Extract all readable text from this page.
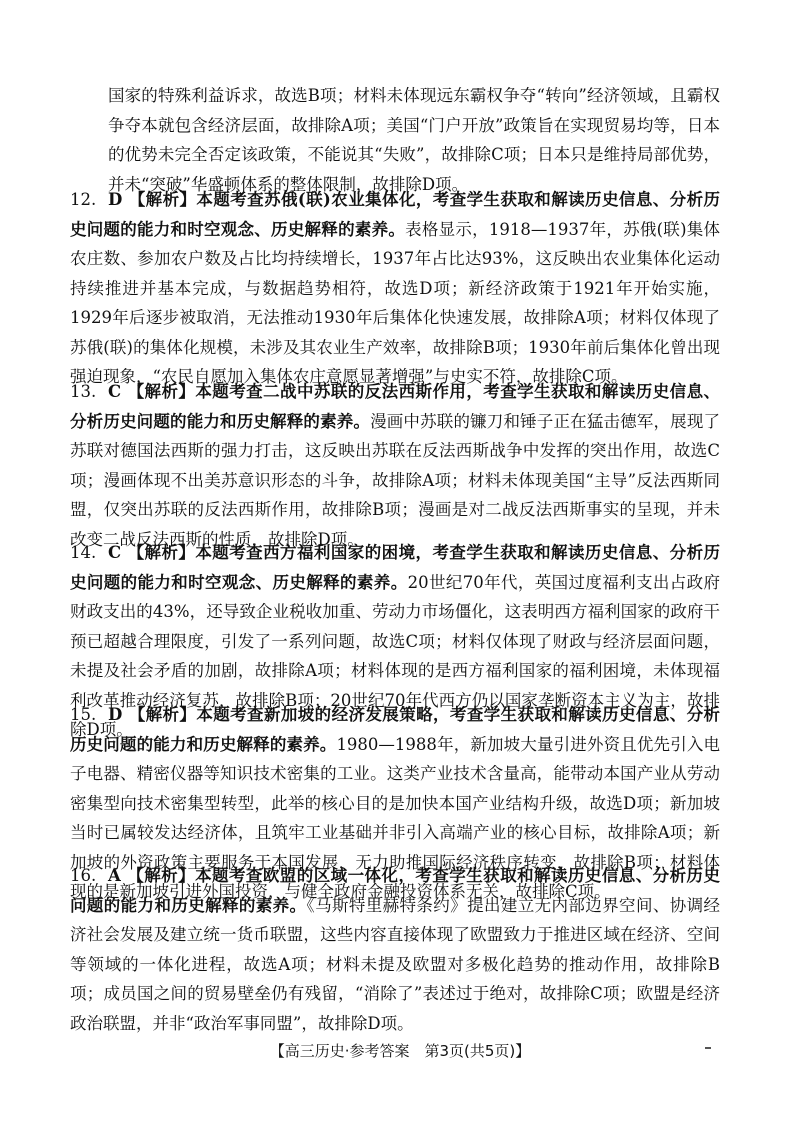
国家的特殊利益诉求，故选B项；材料未体现远东霸权争夺“转向”经济领域，且霸权争夺本就包含经济层面，故排除A项；美国“门户开放”政策旨在实现贸易均等，日本的优势未完全否定该政策，不能说其“失败”，故排除C项；日本只是维持局部优势，并未“突破”华盛顿体系的整体限制，故排除D项。
12. D 【解析】本题考查苏俄(联)农业集体化，考查学生获取和解读历史信息、分析历史问题的能力和时空观念、历史解释的素养。表格显示，1918—1937年，苏俄(联)集体农庄数、参加农户数及占比均持续增长，1937年占比达93%，这反映出农业集体化运动持续推进并基本完成，与数据趋势相符，故选D项；新经济政策于1921年开始实施，1929年后逐步被取消，无法推动1930年后集体化快速发展，故排除A项；材料仅体现了苏俄(联)的集体化规模，未涉及其农业生产效率，故排除B项；1930年前后集体化曾出现强迫现象，“农民自愿加入集体农庄意愿显著增强”与史实不符，故排除C项。
13. C 【解析】本题考查二战中苏联的反法西斯作用，考查学生获取和解读历史信息、分析历史问题的能力和历史解释的素养。漫画中苏联的镰刀和锤子正在猛击德军，展现了苏联对德国法西斯的强力打击，这反映出苏联在反法西斯战争中发挥的突出作用，故选C项；漫画体现不出美苏意识形态的斗争，故排除A项；材料未体现美国“主导”反法西斯同盟，仅突出苏联的反法西斯作用，故排除B项；漫画是对二战反法西斯事实的呈现，并未改变二战反法西斯的性质，故排除D项。
14. C 【解析】本题考查西方福利国家的困境，考查学生获取和解读历史信息、分析历史问题的能力和时空观念、历史解释的素养。20世纪70年代，英国过度福利支出占政府财政支出的43%，还导致企业税收加重、劳动力市场僵化，这表明西方福利国家的政府干预已超越合理限度，引发了一系列问题，故选C项；材料仅体现了财政与经济层面问题，未提及社会矛盾的加剧，故排除A项；材料体现的是西方福利国家的福利困境，未体现福利改革推动经济复苏，故排除B项；20世纪70年代西方仍以国家垄断资本主义为主，故排除D项。
15. D 【解析】本题考查新加坡的经济发展策略，考查学生获取和解读历史信息、分析历史问题的能力和历史解释的素养。1980—1988年，新加坡大量引进外资且优先引入电子电器、精密仪器等知识技术密集的工业。这类产业技术含量高，能带动本国产业从劳动密集型向技术密集型转型，此举的核心目的是加快本国产业结构升级，故选D项；新加坡当时已属较发达经济体，且筑牢工业基础并非引入高端产业的核心目标，故排除A项；新加坡的外资政策主要服务于本国发展，无力助推国际经济秩序转变，故排除B项；材料体现的是新加坡引进外国投资，与健全政府金融投资体系无关，故排除C项。
16. A 【解析】本题考查欧盟的区域一体化，考查学生获取和解读历史信息、分析历史问题的能力和历史解释的素养。《马斯特里赫特条约》提出建立无内部边界空间、协调经济社会发展及建立统一货币联盟，这些内容直接体现了欧盟致力于推进区域在经济、空间等领域的一体化进程，故选A项；材料未提及欧盟对多极化趋势的推动作用，故排除B项；成员国之间的贸易壁垒仍有残留，“消除了”表述过于绝对，故排除C项；欧盟是经济政治联盟，并非“政治军事同盟”，故排除D项。
【高三历史·参考答案　第3页(共5页)】
